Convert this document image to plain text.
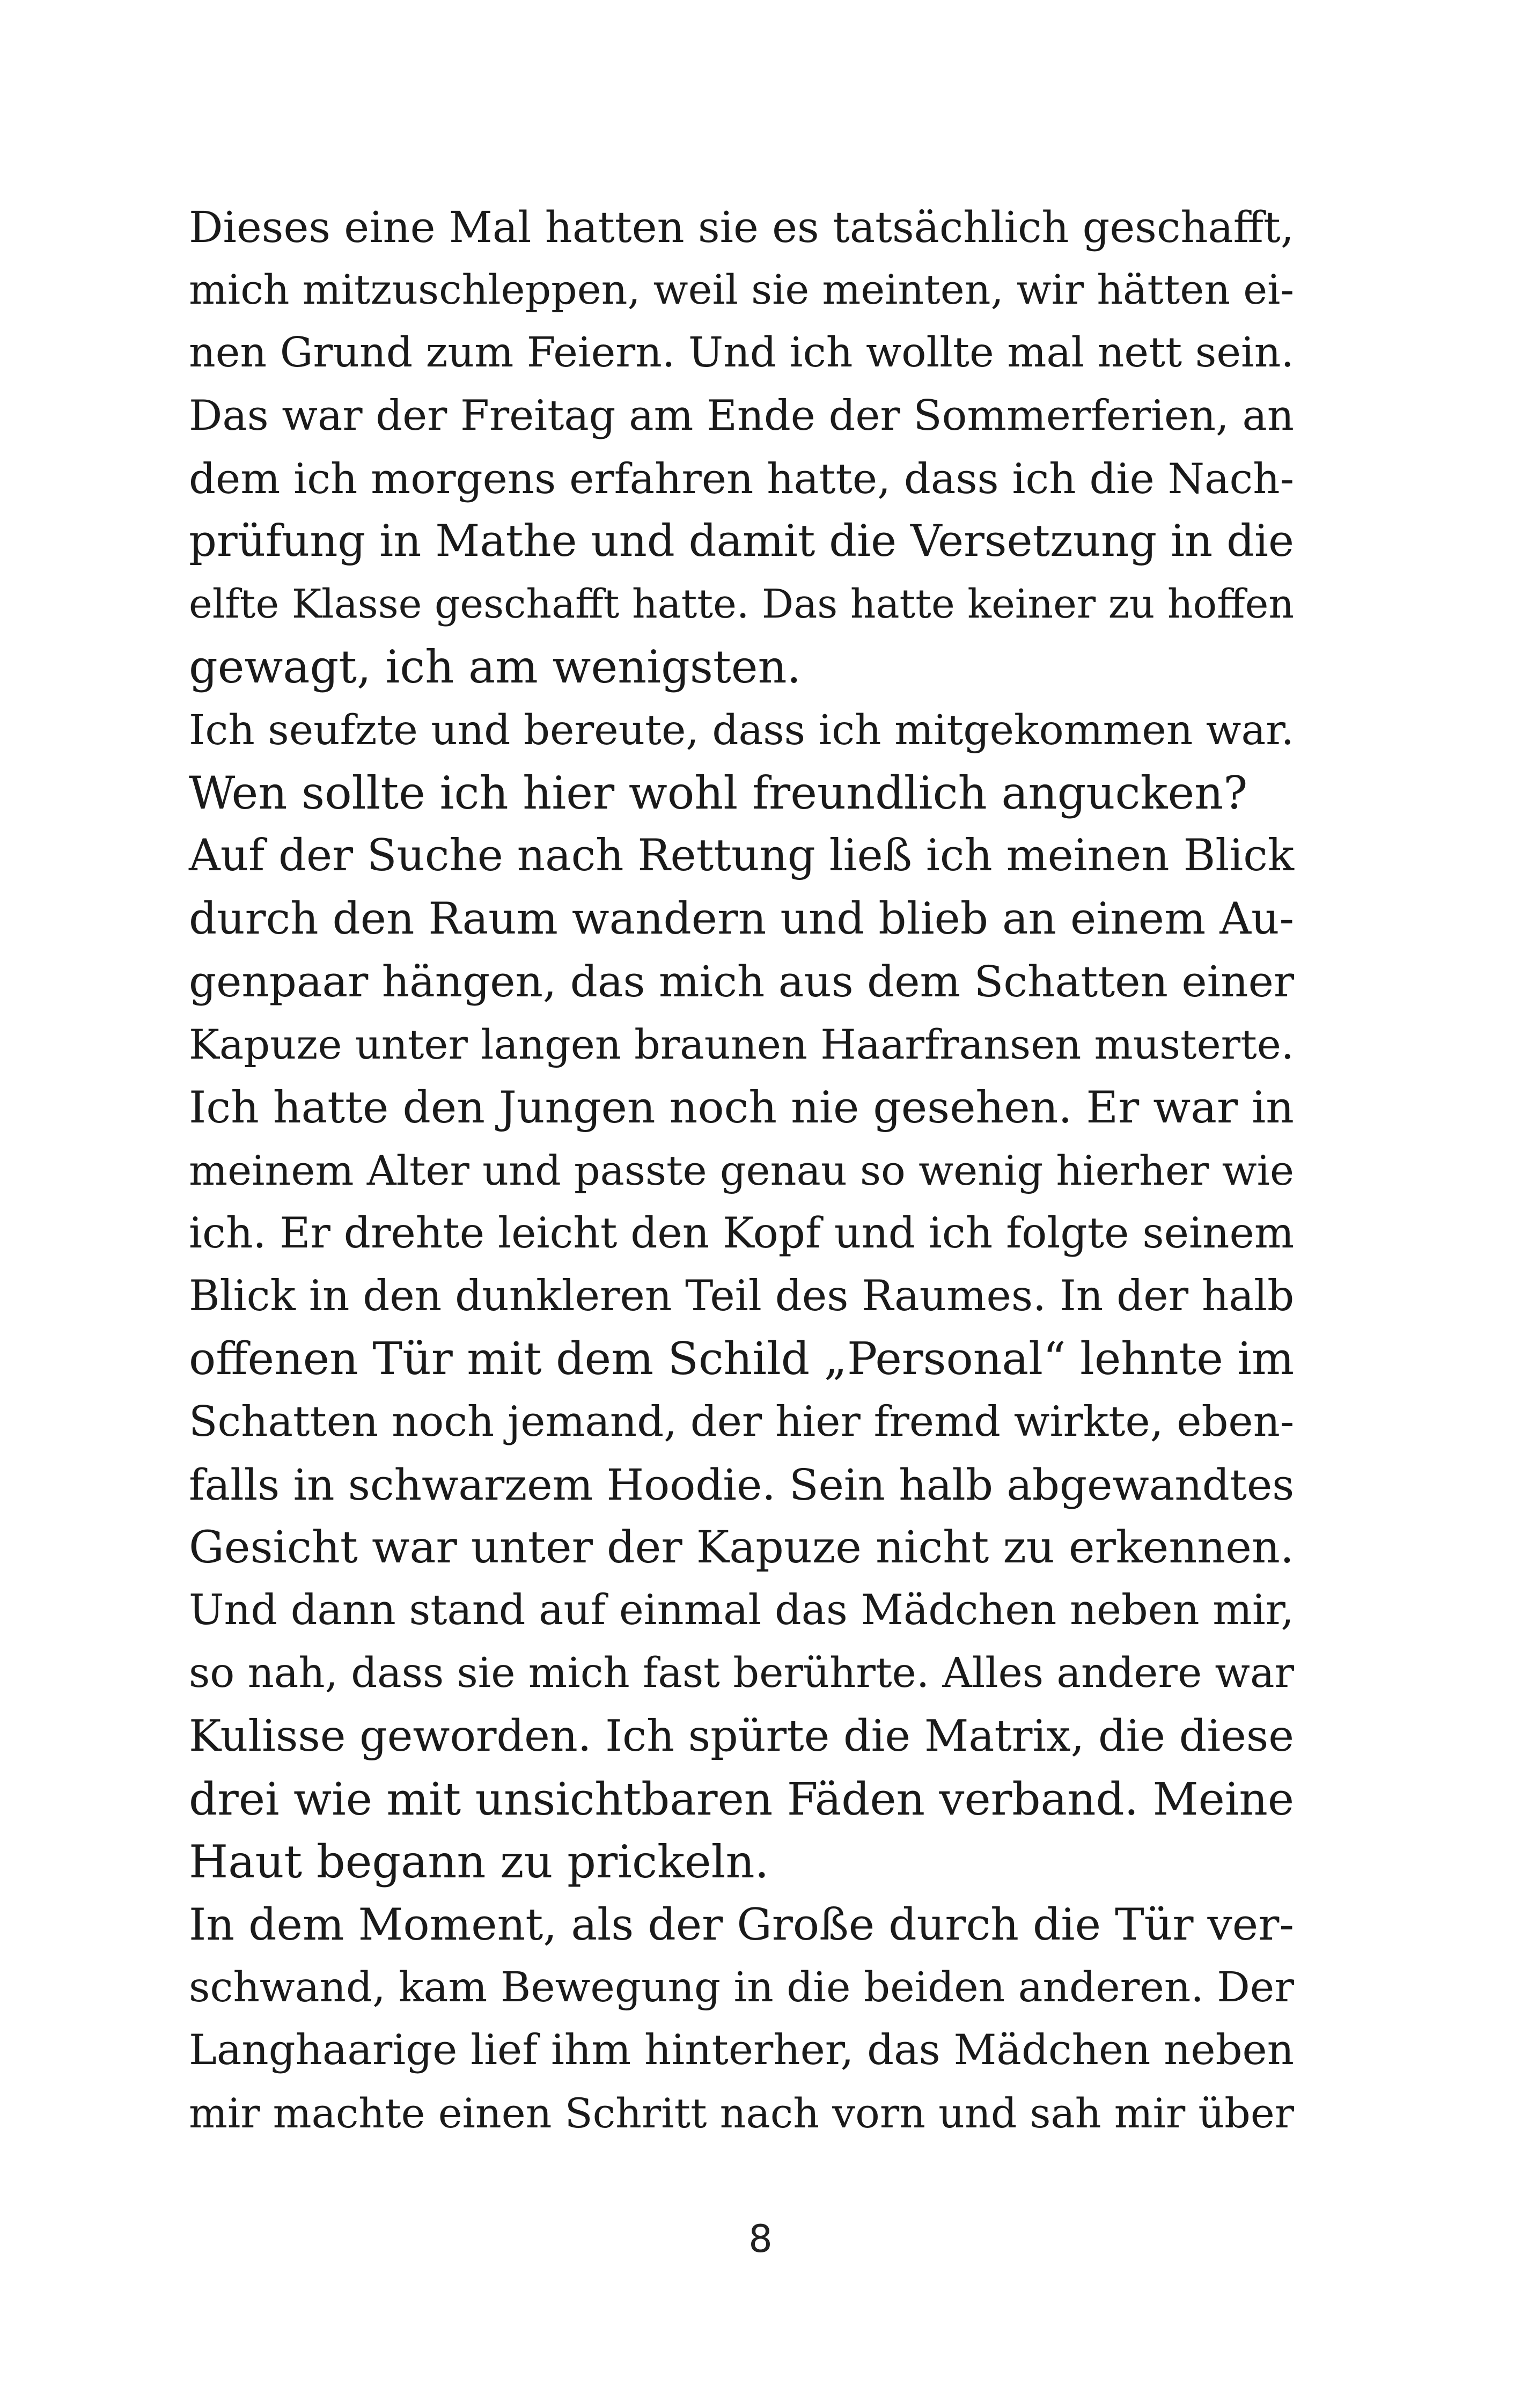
Dieses eine Mal hatten sie es tatsächlich geschafft,
mich mitzuschleppen, weil sie meinten, wir hätten ei-
nen Grund zum Feiern. Und ich wollte mal nett sein.
Das war der Freitag am Ende der Sommerferien, an
dem ich morgens erfahren hatte, dass ich die Nach-
prüfung in Mathe und damit die Versetzung in die
elfte Klasse geschafft hatte. Das hatte keiner zu hoffen
gewagt, ich am wenigsten.
Ich seufzte und bereute, dass ich mitgekommen war.
Wen sollte ich hier wohl freundlich angucken?
Auf der Suche nach Rettung ließ ich meinen Blick
durch den Raum wandern und blieb an einem Au-
genpaar hängen, das mich aus dem Schatten einer
Kapuze unter langen braunen Haarfransen musterte.
Ich hatte den Jungen noch nie gesehen. Er war in
meinem Alter und passte genau so wenig hierher wie
ich. Er drehte leicht den Kopf und ich folgte seinem
Blick in den dunkleren Teil des Raumes. In der halb
offenen Tür mit dem Schild „Personal“ lehnte im
Schatten noch jemand, der hier fremd wirkte, eben-
falls in schwarzem Hoodie. Sein halb abgewandtes
Gesicht war unter der Kapuze nicht zu erkennen.
Und dann stand auf einmal das Mädchen neben mir,
so nah, dass sie mich fast berührte. Alles andere war
Kulisse geworden. Ich spürte die Matrix, die diese
drei wie mit unsichtbaren Fäden verband. Meine
Haut begann zu prickeln.
In dem Moment, als der Große durch die Tür ver-
schwand, kam Bewegung in die beiden anderen. Der
Langhaarige lief ihm hinterher, das Mädchen neben
mir machte einen Schritt nach vorn und sah mir über
8
